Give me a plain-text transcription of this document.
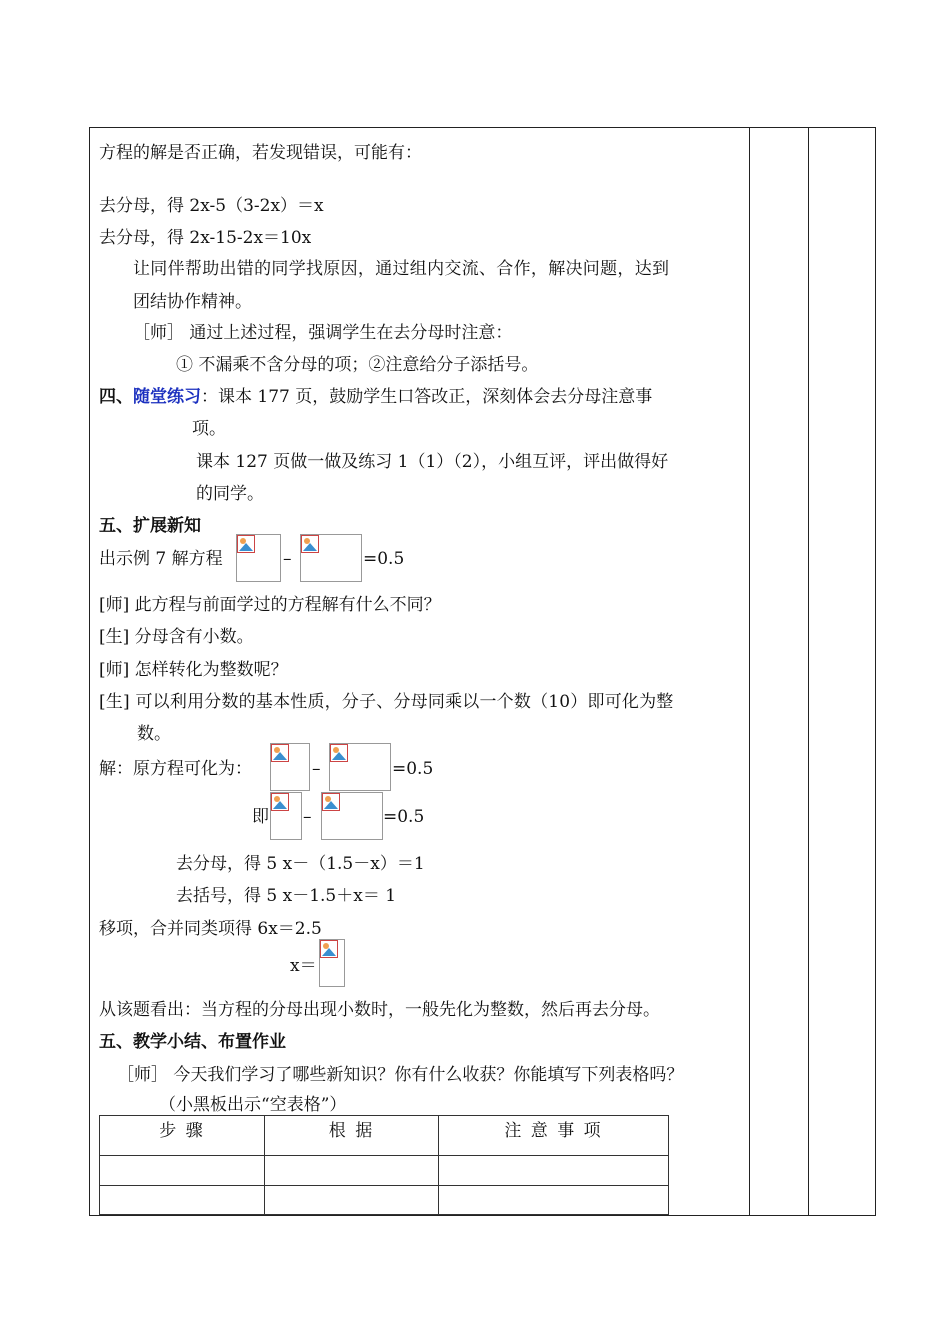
方程的解是否正确，若发现错误，可能有：
去分母，得 2x-5（3-2x）＝x
去分母，得 2x-15-2x＝10x
让同伴帮助出错的同学找原因，通过组内交流、合作，解决问题，达到
团结协作精神。
［师］ 通过上述过程，强调学生在去分母时注意：
① 不漏乘不含分母的项；②注意给分子添括号。
四、随堂练习：课本 177 页，鼓励学生口答改正，深刻体会去分母注意事
项。
课本 127 页做一做及练习 1（1）（2），小组互评，评出做得好
的同学。
五、扩展新知
出示例 7 解方程	–	=0.5
[师] 此方程与前面学过的方程解有什么不同？
[生] 分母含有小数。
[师] 怎样转化为整数呢？
[生] 可以利用分数的基本性质，分子、分母同乘以一个数（10）即可化为整
数。
解：原方程可化为：	–	=0.5
即 –	=0.5
去分母，得 5 x－（1.5－x）＝1
去括号，得 5 x－1.5＋x＝ 1
移项，合并同类项得 6x＝2.5
x＝
从该题看出：当方程的分母出现小数时，一般先化为整数，然后再去分母。
五、教学小结、布置作业
［师］ 今天我们学习了哪些新知识？你有什么收获？你能填写下列表格吗？
（小黑板出示“空表格”）
步 骤	根 据	注 意 事 项
